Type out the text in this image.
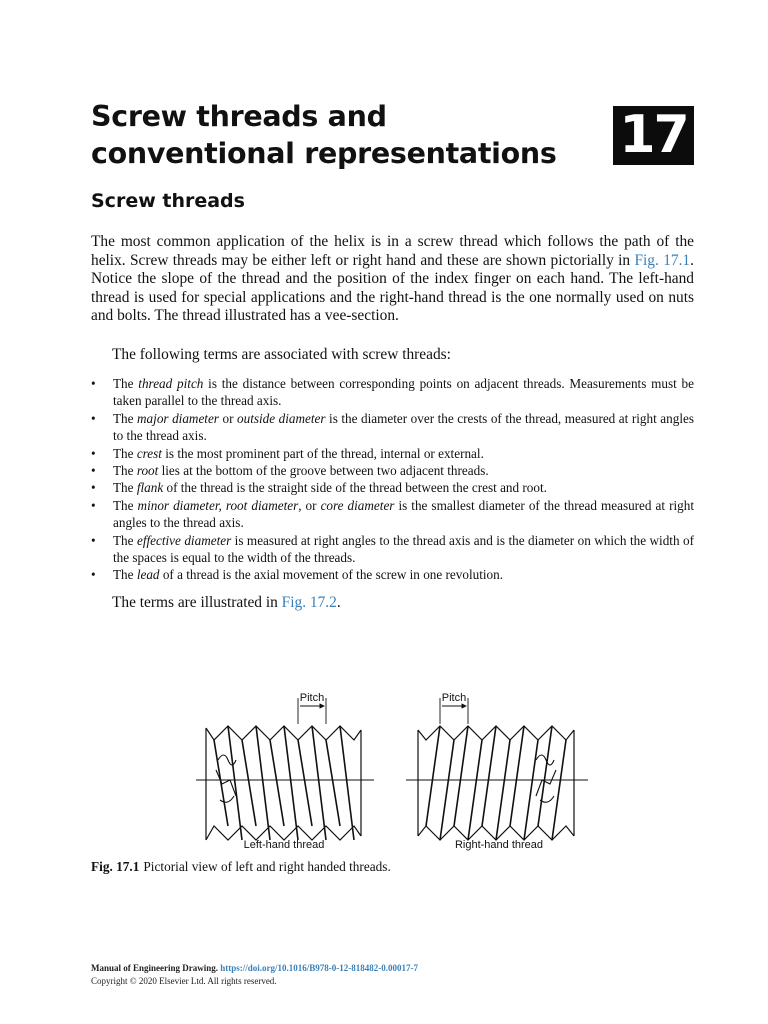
Screw threads and conventional representations	17
Screw threads

The most common application of the helix is in a screw thread which follows the path of the helix. Screw threads may be either left or right hand and these are shown pictorially in Fig. 17.1. Notice the slope of the thread and the position of the index finger on each hand. The left-hand thread is used for special applications and the right-hand thread is the one normally used on nuts and bolts. The thread illustrated has a vee-section.

The following terms are associated with screw threads:

• The thread pitch is the distance between corresponding points on adjacent threads. Measurements must be taken parallel to the thread axis.
• The major diameter or outside diameter is the diameter over the crests of the thread, measured at right angles to the thread axis.
• The crest is the most prominent part of the thread, internal or external.
• The root lies at the bottom of the groove between two adjacent threads.
• The flank of the thread is the straight side of the thread between the crest and root.
• The minor diameter, root diameter, or core diameter is the smallest diameter of the thread measured at right angles to the thread axis.
• The effective diameter is measured at right angles to the thread axis and is the diameter on which the width of the spaces is equal to the width of the threads.
• The lead of a thread is the axial movement of the screw in one revolution.

The terms are illustrated in Fig. 17.2.

Pitch
Left-hand thread
Pitch
Right-hand thread

Fig. 17.1 Pictorial view of left and right handed threads.

Manual of Engineering Drawing. https://doi.org/10.1016/B978-0-12-818482-0.00017-7
Copyright © 2020 Elsevier Ltd. All rights reserved.
